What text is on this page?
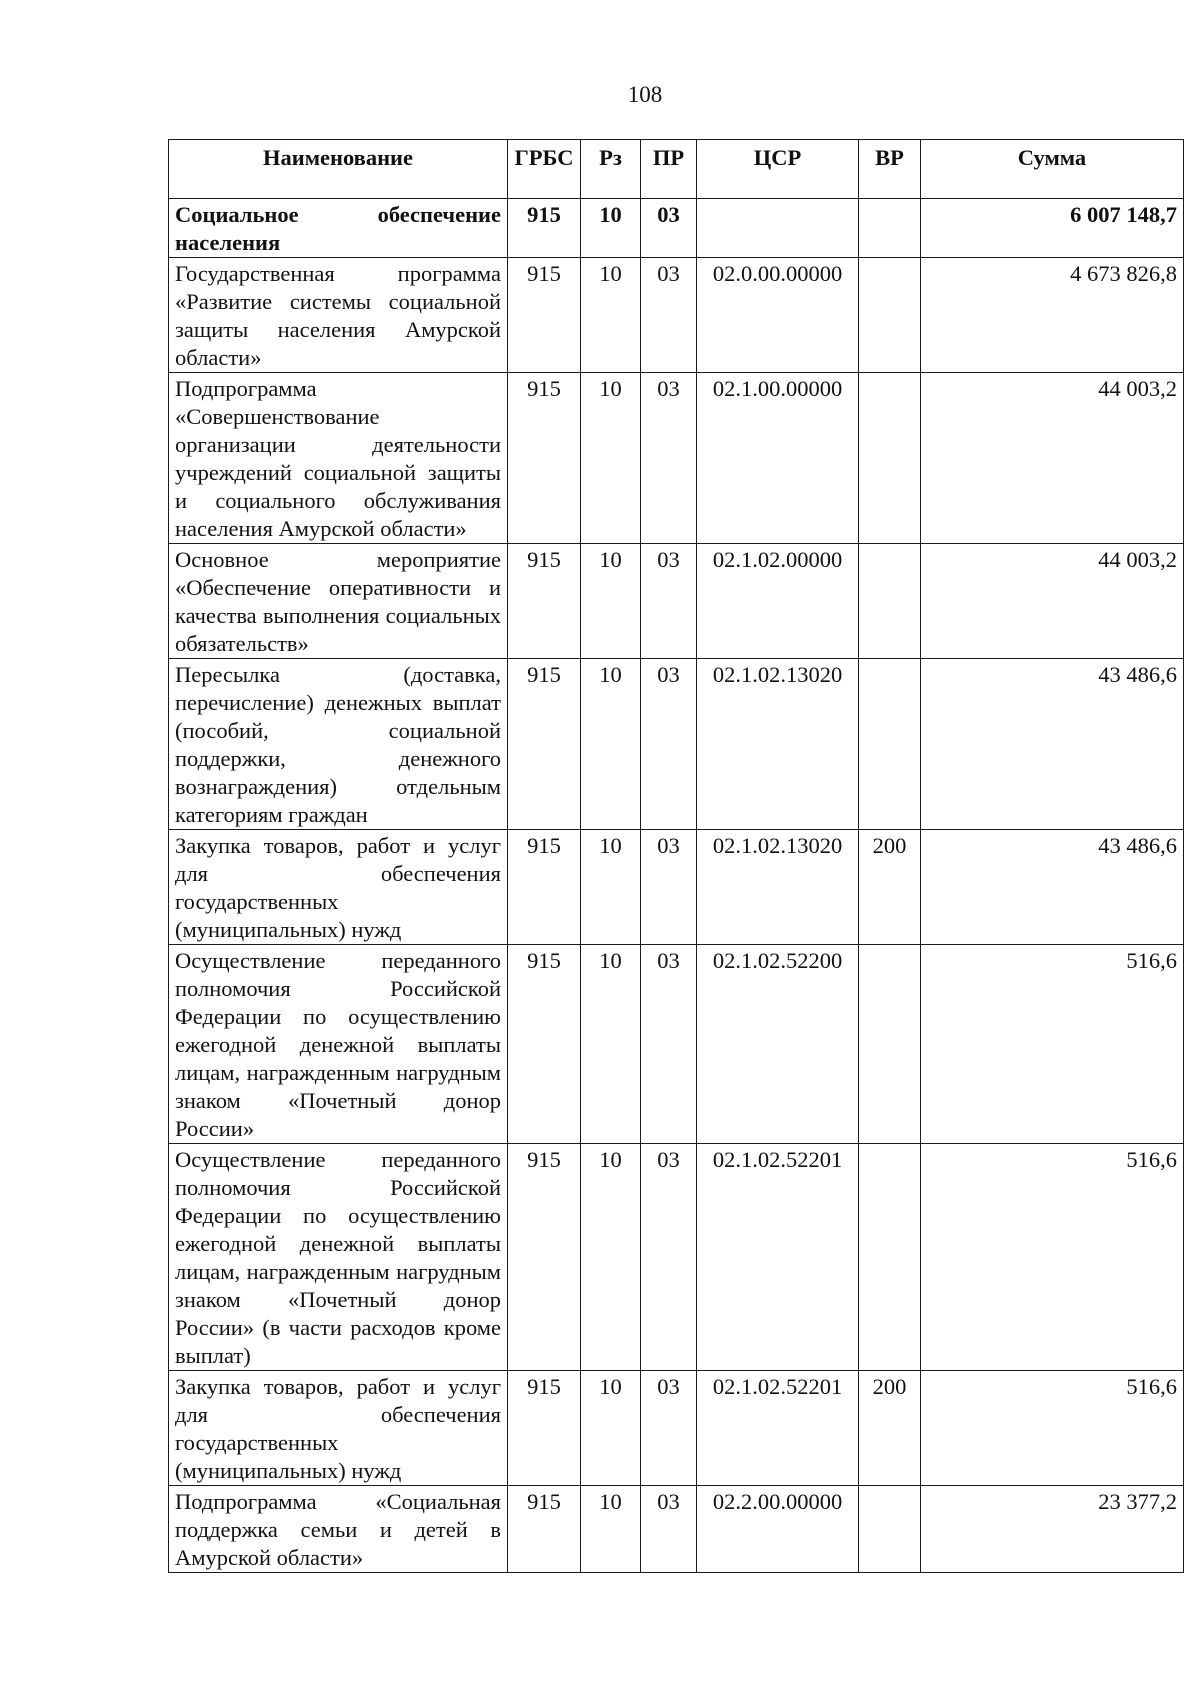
108
Наименование	ГРБС	Рз	ПР	ЦСР	ВР	Сумма
Социальное обеспечение населения	915	10	03			6 007 148,7
Государственная программа «Развитие системы социальной защиты населения Амурской области»	915	10	03	02.0.00.00000		4 673 826,8
Подпрограмма «Совершенствование организации деятельности учреждений социальной защиты и социального обслуживания населения Амурской области»	915	10	03	02.1.00.00000		44 003,2
Основное мероприятие «Обеспечение оперативности и качества выполнения социальных обязательств»	915	10	03	02.1.02.00000		44 003,2
Пересылка (доставка, перечисление) денежных выплат (пособий, социальной поддержки, денежного вознаграждения) отдельным категориям граждан	915	10	03	02.1.02.13020		43 486,6
Закупка товаров, работ и услуг для обеспечения государственных (муниципальных) нужд	915	10	03	02.1.02.13020	200	43 486,6
Осуществление переданного полномочия Российской Федерации по осуществлению ежегодной денежной выплаты лицам, награжденным нагрудным знаком «Почетный донор России»	915	10	03	02.1.02.52200		516,6
Осуществление переданного полномочия Российской Федерации по осуществлению ежегодной денежной выплаты лицам, награжденным нагрудным знаком «Почетный донор России» (в части расходов кроме выплат)	915	10	03	02.1.02.52201		516,6
Закупка товаров, работ и услуг для обеспечения государственных (муниципальных) нужд	915	10	03	02.1.02.52201	200	516,6
Подпрограмма «Социальная поддержка семьи и детей в Амурской области»	915	10	03	02.2.00.00000		23 377,2
